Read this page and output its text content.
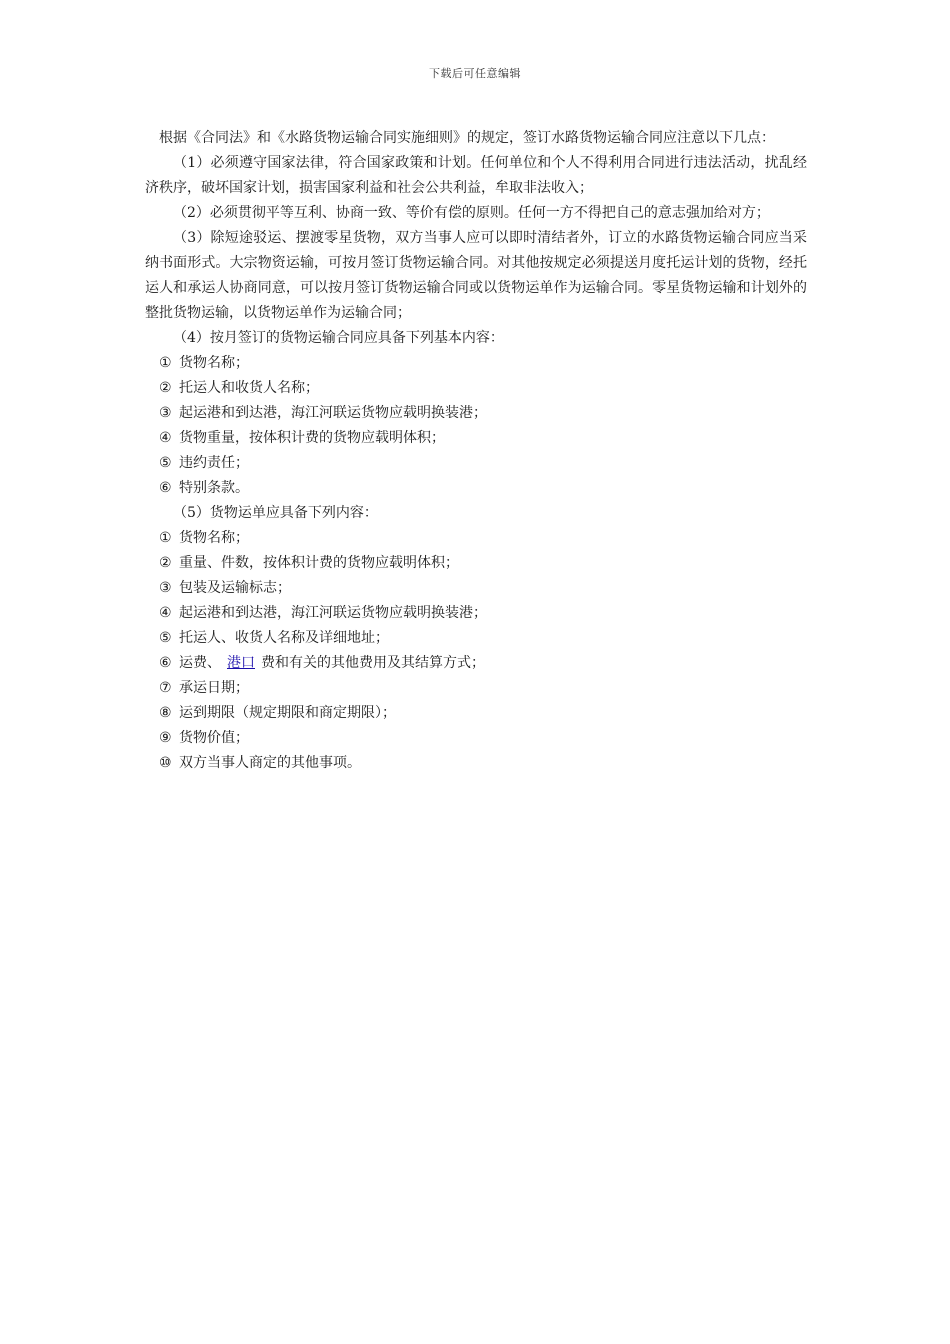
下载后可任意编辑

根据《合同法》和《水路货物运输合同实施细则》的规定，签订水路货物运输合同应注意以下几点：

（1）必须遵守国家法律，符合国家政策和计划。任何单位和个人不得利用合同进行违法活动，扰乱经济秩序，破坏国家计划，损害国家利益和社会公共利益，牟取非法收入；

（2）必须贯彻平等互利、协商一致、等价有偿的原则。任何一方不得把自己的意志强加给对方；

（3）除短途驳运、摆渡零星货物，双方当事人应可以即时清结者外，订立的水路货物运输合同应当采纳书面形式。大宗物资运输，可按月签订货物运输合同。对其他按规定必须提送月度托运计划的货物，经托运人和承运人协商同意，可以按月签订货物运输合同或以货物运单作为运输合同。零星货物运输和计划外的整批货物运输，以货物运单作为运输合同；

（4）按月签订的货物运输合同应具备下列基本内容：

① 货物名称；

② 托运人和收货人名称；

③ 起运港和到达港，海江河联运货物应载明换装港；

④ 货物重量，按体积计费的货物应载明体积；

⑤ 违约责任；

⑥ 特别条款。

（5）货物运单应具备下列内容：

① 货物名称；

② 重量、件数，按体积计费的货物应载明体积；

③ 包装及运输标志；

④ 起运港和到达港，海江河联运货物应载明换装港；

⑤ 托运人、收货人名称及详细地址；

⑥ 运费、 港口 费和有关的其他费用及其结算方式；

⑦ 承运日期；

⑧ 运到期限（规定期限和商定期限）；

⑨ 货物价值；

⑩ 双方当事人商定的其他事项。
